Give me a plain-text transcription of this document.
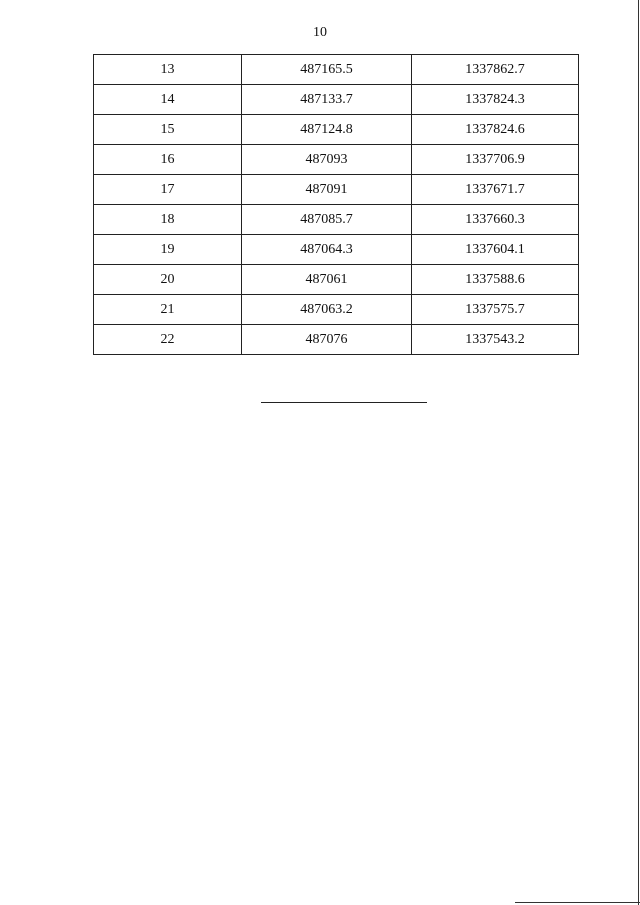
10
13	487165.5	1337862.7
14	487133.7	1337824.3
15	487124.8	1337824.6
16	487093	1337706.9
17	487091	1337671.7
18	487085.7	1337660.3
19	487064.3	1337604.1
20	487061	1337588.6
21	487063.2	1337575.7
22	487076	1337543.2
